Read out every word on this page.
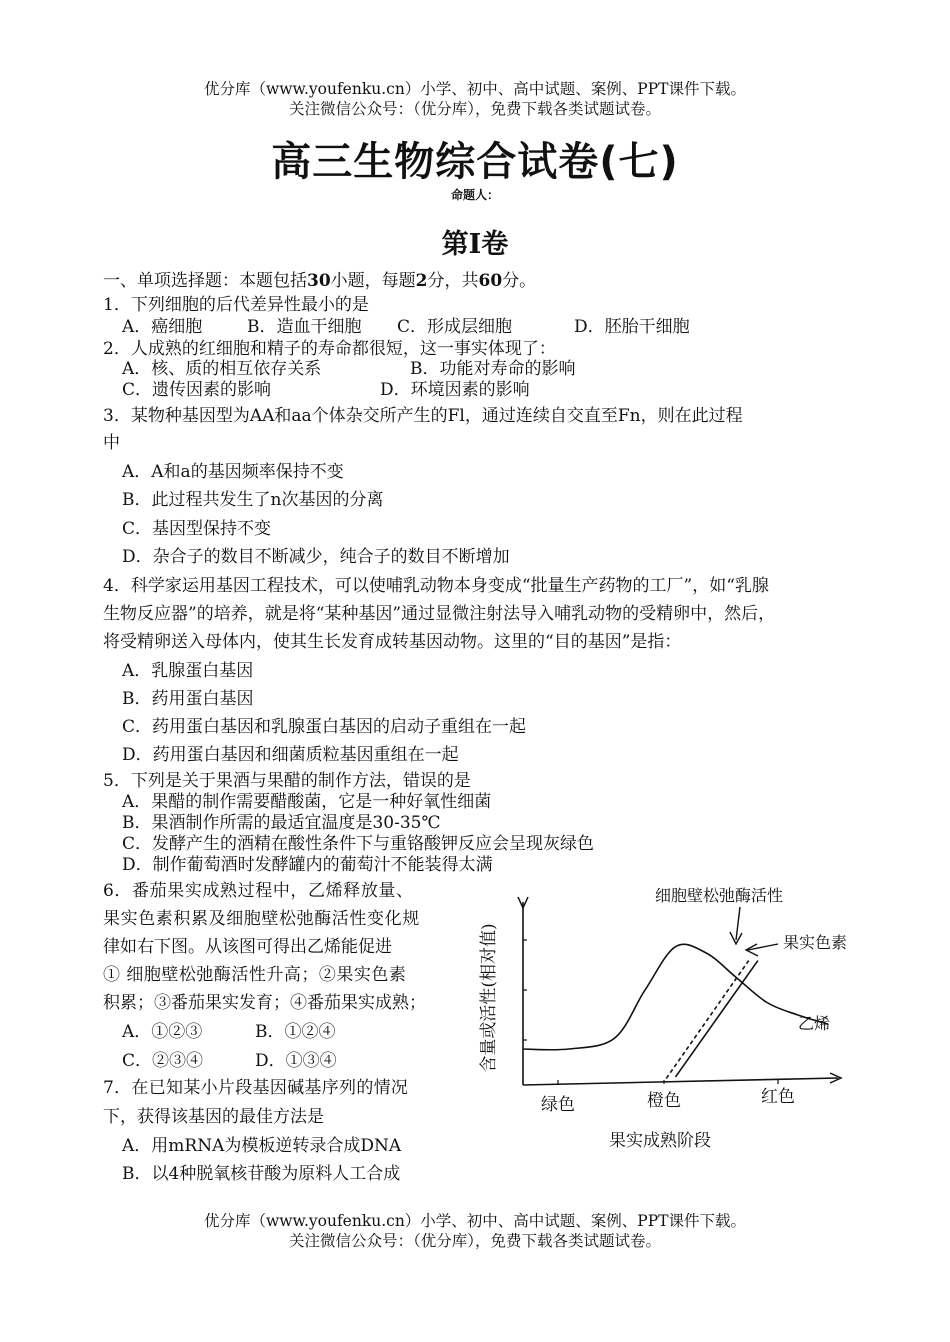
优分库（www.youfenku.cn）小学、初中、高中试题、案例、PPT课件下载。
关注微信公众号：（优分库），免费下载各类试题试卷。
高三生物综合试卷(七)
命题人：
第Ⅰ卷
一、单项选择题：本题包括30小题，每题2分，共60分。
1．下列细胞的后代差异性最小的是
A．癌细胞	B．造血干细胞 C．形成层细胞	D．胚胎干细胞
2．人成熟的红细胞和精子的寿命都很短，这一事实体现了：
A．核、质的相互依存关系	B．功能对寿命的影响
C．遗传因素的影响	D．环境因素的影响
3．某物种基因型为AA和aa个体杂交所产生的Fl，通过连续自交直至Fn，则在此过程
中
A．A和a的基因频率保持不变
B．此过程共发生了n次基因的分离
C．基因型保持不变
D．杂合子的数目不断减少，纯合子的数目不断增加
4．科学家运用基因工程技术，可以使哺乳动物本身变成“批量生产药物的工厂”，如“乳腺
生物反应器”的培养，就是将“某种基因”通过显微注射法导入哺乳动物的受精卵中，然后，
将受精卵送入母体内，使其生长发育成转基因动物。这里的“目的基因”是指：
A．乳腺蛋白基因
B．药用蛋白基因
C．药用蛋白基因和乳腺蛋白基因的启动子重组在一起
D．药用蛋白基因和细菌质粒基因重组在一起
5．下列是关于果酒与果醋的制作方法，错误的是
A．果醋的制作需要醋酸菌，它是一种好氧性细菌
B．果酒制作所需的最适宜温度是30-35℃
C．发酵产生的酒精在酸性条件下与重铬酸钾反应会呈现灰绿色
D．制作葡萄酒时发酵罐内的葡萄汁不能装得太满
6．番茄果实成熟过程中，乙烯释放量、
果实色素积累及细胞壁松弛酶活性变化规
律如右下图。从该图可得出乙烯能促进
① 细胞壁松弛酶活性升高；②果实色素
积累；③番茄果实发育；④番茄果实成熟；
A．①②③	B．①②④
C．②③④	D．①③④
7．在已知某小片段基因碱基序列的情况
下，获得该基因的最佳方法是
A．用mRNA为模板逆转录合成DNA
B．以4种脱氧核苷酸为原料人工合成
含量或活性(相对值)
果实成熟阶段
绿色	橙色	红色
细胞壁松弛酶活性
果实色素
乙烯
优分库（www.youfenku.cn）小学、初中、高中试题、案例、PPT课件下载。
关注微信公众号：（优分库），免费下载各类试题试卷。
